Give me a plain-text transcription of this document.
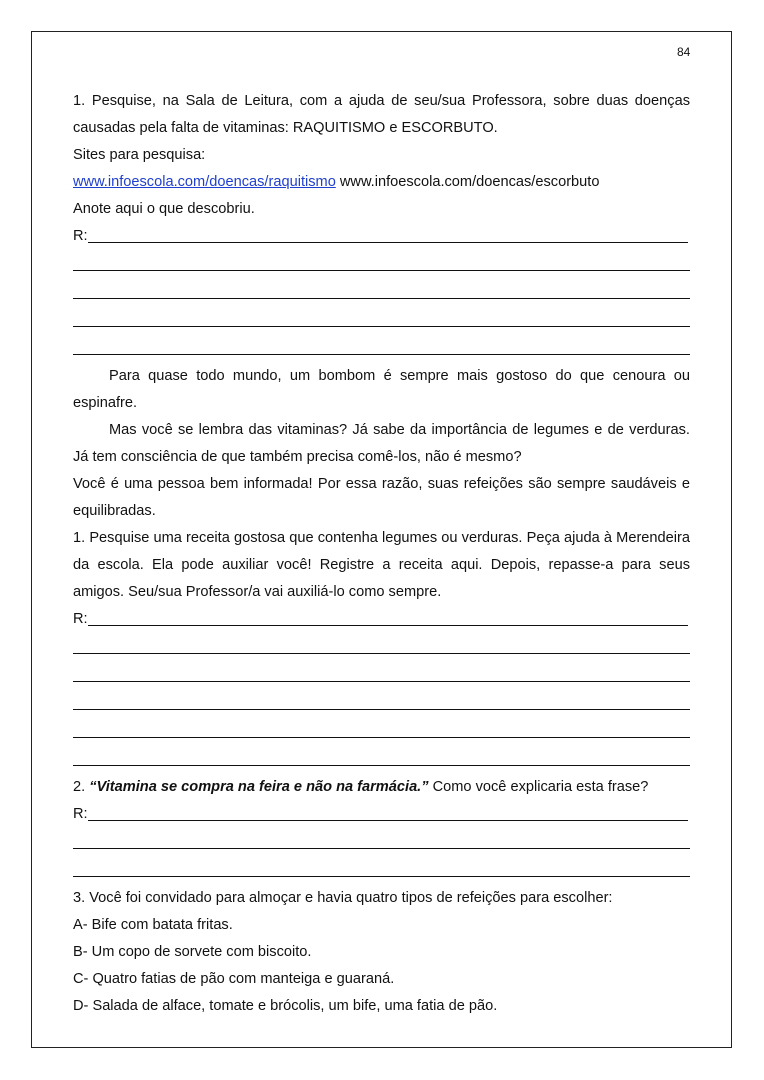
84

1. Pesquise, na Sala de Leitura, com a ajuda de seu/sua Professora, sobre duas doenças causadas pela falta de vitaminas: RAQUITISMO e ESCORBUTO.

Sites para pesquisa:

www.infoescola.com/doencas/raquitismo www.infoescola.com/doencas/escorbuto

Anote aqui o que descobriu.

R:

Para quase todo mundo, um bombom é sempre mais gostoso do que cenoura ou espinafre.

Mas você se lembra das vitaminas? Já sabe da importância de legumes e de verduras. Já tem consciência de que também precisa comê-los, não é mesmo?

Você é uma pessoa bem informada! Por essa razão, suas refeições são sempre saudáveis e equilibradas.

1. Pesquise uma receita gostosa que contenha legumes ou verduras. Peça ajuda à Merendeira da escola. Ela pode auxiliar você! Registre a receita aqui. Depois, repasse-a para seus amigos. Seu/sua Professor/a vai auxiliá-lo como sempre.

R:

2. “Vitamina se compra na feira e não na farmácia.” Como você explicaria esta frase?

R:

3. Você foi convidado para almoçar e havia quatro tipos de refeições para escolher:

A- Bife com batata fritas.

B- Um copo de sorvete com biscoito.

C- Quatro fatias de pão com manteiga e guaraná.

D- Salada de alface, tomate e brócolis, um bife, uma fatia de pão.
